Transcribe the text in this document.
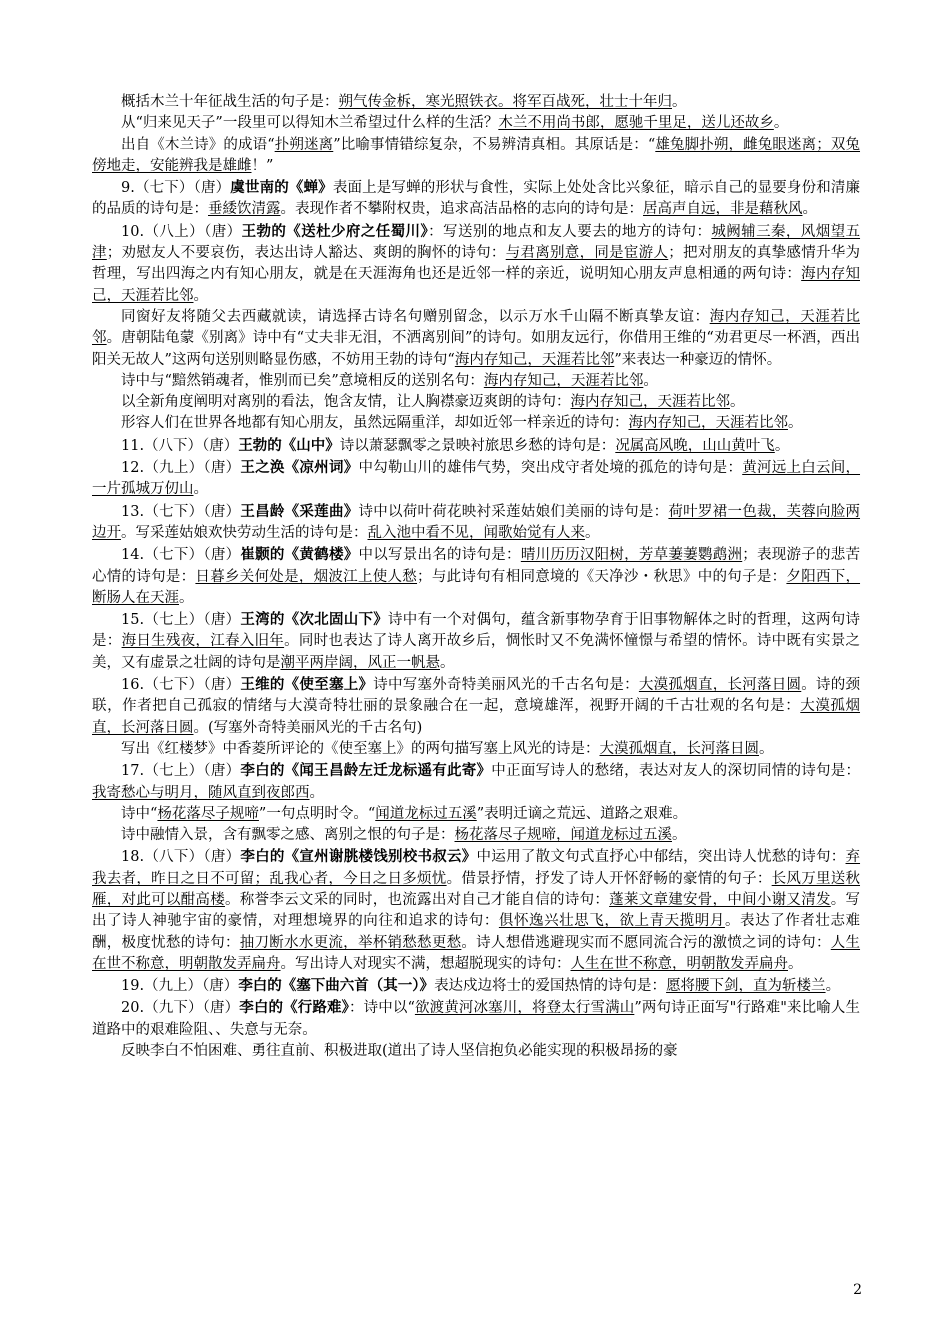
概括木兰十年征战生活的句子是：朔气传金柝，寒光照铁衣。将军百战死，壮士十年归。

从“归来见天子”一段里可以得知木兰希望过什么样的生活？木兰不用尚书郎，愿驰千里足，送儿还故乡。

出自《木兰诗》的成语“扑朔迷离”比喻事情错综复杂，不易辨清真相。其原话是：“雄兔脚扑朔，雌兔眼迷离；双兔傍地走，安能辨我是雄雌！”

9.（七下）（唐）虞世南的《蝉》表面上是写蝉的形状与食性，实际上处处含比兴象征，暗示自己的显要身份和清廉的品质的诗句是：垂緌饮清露。表现作者不攀附权贵，追求高洁品格的志向的诗句是：居高声自远，非是藉秋风。

10.（八上）（唐）王勃的《送杜少府之任蜀川》：写送别的地点和友人要去的地方的诗句：城阙辅三秦，风烟望五津；劝慰友人不要哀伤，表达出诗人豁达、爽朗的胸怀的诗句：与君离别意，同是宦游人；把对朋友的真挚感情升华为哲理，写出四海之内有知心朋友，就是在天涯海角也还是近邻一样的亲近，说明知心朋友声息相通的两句诗：海内存知己，天涯若比邻。

同窗好友将随父去西藏就读，请选择古诗名句赠别留念，以示万水千山隔不断真挚友谊：海内存知己，天涯若比邻。唐朝陆龟蒙《别离》诗中有“丈夫非无泪，不洒离别间”的诗句。如朋友远行，你借用王维的“劝君更尽一杯酒，西出阳关无故人”这两句送别则略显伤感，不妨用王勃的诗句“海内存知己，天涯若比邻”来表达一种豪迈的情怀。

诗中与“黯然销魂者，惟别而已矣”意境相反的送别名句：海内存知己，天涯若比邻。

以全新角度阐明对离别的看法，饱含友情，让人胸襟豪迈爽朗的诗句：海内存知己，天涯若比邻。

形容人们在世界各地都有知心朋友，虽然远隔重洋，却如近邻一样亲近的诗句：海内存知己，天涯若比邻。

11.（八下）（唐）王勃的《山中》诗以萧瑟飘零之景映衬旅思乡愁的诗句是：况属高风晚，山山黄叶飞。

12.（九上）（唐）王之涣《凉州词》中勾勒山川的雄伟气势，突出戍守者处境的孤危的诗句是：黄河远上白云间，一片孤城万仞山。

13.（七下）（唐）王昌龄《采莲曲》诗中以荷叶荷花映衬采莲姑娘们美丽的诗句是：荷叶罗裙一色裁，芙蓉向脸两边开。写采莲姑娘欢快劳动生活的诗句是：乱入池中看不见，闻歌始觉有人来。

14.（七下）（唐）崔颢的《黄鹤楼》中以写景出名的诗句是：晴川历历汉阳树，芳草萋萋鹦鹉洲；表现游子的悲苦心情的诗句是：日暮乡关何处是，烟波江上使人愁；与此诗句有相同意境的《天净沙・秋思》中的句子是：夕阳西下，断肠人在天涯。

15.（七上）（唐）王湾的《次北固山下》诗中有一个对偶句，蕴含新事物孕育于旧事物解体之时的哲理，这两句诗是：海日生残夜，江春入旧年。同时也表达了诗人离开故乡后，惆怅时又不免满怀憧憬与希望的情怀。诗中既有实景之美，又有虚景之壮阔的诗句是潮平两岸阔，风正一帆悬。

16.（七下）（唐）王维的《使至塞上》诗中写塞外奇特美丽风光的千古名句是：大漠孤烟直，长河落日圆。诗的颈联，作者把自己孤寂的情绪与大漠奇特壮丽的景象融合在一起，意境雄浑，视野开阔的千古壮观的名句是：大漠孤烟直，长河落日圆。(写塞外奇特美丽风光的千古名句)

写出《红楼梦》中香菱所评论的《使至塞上》的两句描写塞上风光的诗是：大漠孤烟直，长河落日圆。

17.（七上）（唐）李白的《闻王昌龄左迁龙标遥有此寄》中正面写诗人的愁绪，表达对友人的深切同情的诗句是：我寄愁心与明月，随风直到夜郎西。

诗中“杨花落尽子规啼”一句点明时令。“闻道龙标过五溪”表明迁谪之荒远、道路之艰难。

诗中融情入景，含有飘零之感、离别之恨的句子是：杨花落尽子规啼，闻道龙标过五溪。

18.（八下）（唐）李白的《宣州谢朓楼饯别校书叔云》中运用了散文句式直抒心中郁结，突出诗人忧愁的诗句：弃我去者，昨日之日不可留；乱我心者，今日之日多烦忧。借景抒情，抒发了诗人开怀舒畅的豪情的句子：长风万里送秋雁，对此可以酣高楼。称誉李云文采的同时，也流露出对自己才能自信的诗句：蓬莱文章建安骨，中间小谢又清发。写出了诗人神驰宇宙的豪情，对理想境界的向往和追求的诗句：俱怀逸兴壮思飞，欲上青天揽明月。表达了作者壮志难酬，极度忧愁的诗句：抽刀断水水更流，举杯销愁愁更愁。诗人想借逃避现实而不愿同流合污的激愤之词的诗句：人生在世不称意，明朝散发弄扁舟。写出诗人对现实不满，想超脱现实的诗句：人生在世不称意，明朝散发弄扁舟。

19.（九上）（唐）李白的《塞下曲六首（其一）》表达戍边将士的爱国热情的诗句是：愿将腰下剑，直为斩楼兰。

20.（九下）（唐）李白的《行路难》：诗中以“欲渡黄河冰塞川，将登太行雪满山”两句诗正面写"行路难"来比喻人生道路中的艰难险阻、、失意与无奈。

反映李白不怕困难、勇往直前、积极进取(道出了诗人坚信抱负必能实现的积极昂扬的豪

2
